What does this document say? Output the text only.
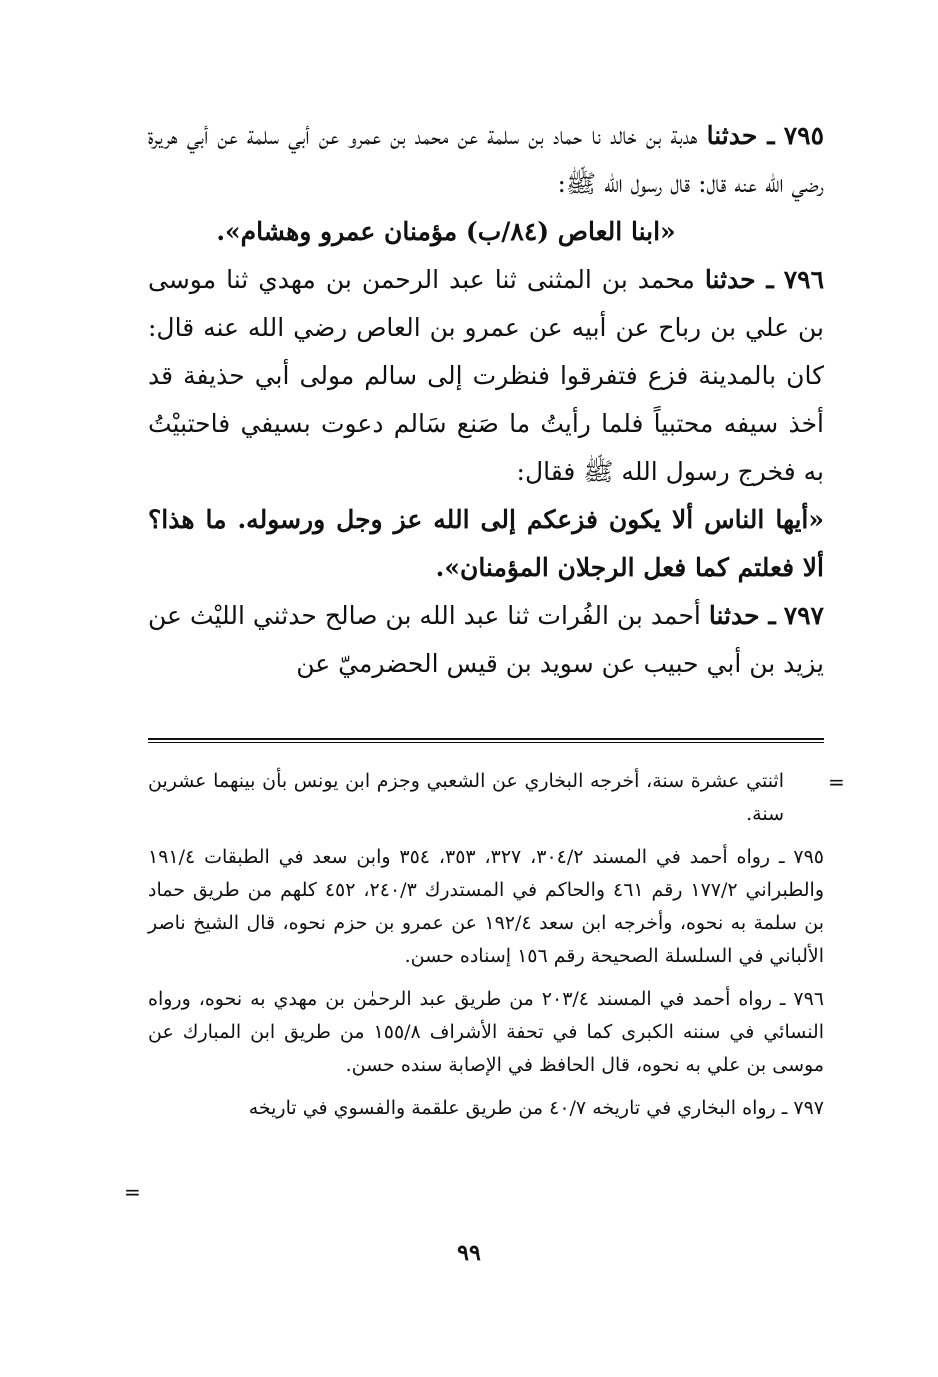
٧٩٥ ـ حدثنا هدبة بن خالد نا حماد بن سلمة عن محمد بن عمرو عن أبي سلمة عن أبي هريرة رضي الله عنه قال: قال رسول الله ﷺ:

«ابنا العاص (٨٤/ب) مؤمنان عمرو وهشام».

٧٩٦ ـ حدثنا محمد بن المثنى ثنا عبد الرحمن بن مهدي ثنا موسى بن علي بن رباح عن أبيه عن عمرو بن العاص رضي الله عنه قال: كان بالمدينة فزع فتفرقوا فنظرت إلى سالم مولى أبي حذيفة قد أخذ سيفه محتبياً فلما رأيتُ ما صَنع سَالم دعوت بسيفي فاحتبيْتُ به فخرج رسول الله ﷺ فقال:

«أيها الناس ألا يكون فزعكم إلى الله عز وجل ورسوله. ما هذا؟ ألا فعلتم كما فعل الرجلان المؤمنان».

٧٩٧ ـ حدثنا أحمد بن الفُرات ثنا عبد الله بن صالح حدثني الليْث عن يزيد بن أبي حبيب عن سويد بن قيس الحضرميّ عن

اثنتي عشرة سنة، أخرجه البخاري عن الشعبي وجزم ابن يونس بأن بينهما عشرين سنة.

٧٩٥ ـ رواه أحمد في المسند ٣٠٤/٢، ٣٢٧، ٣٥٣، ٣٥٤ وابن سعد في الطبقات ١٩١/٤ والطبراني ١٧٧/٢ رقم ٤٦١ والحاكم في المستدرك ٢٤٠/٣، ٤٥٢ كلهم من طريق حماد بن سلمة به نحوه، وأخرجه ابن سعد ١٩٢/٤ عن عمرو بن حزم نحوه، قال الشيخ ناصر الألباني في السلسلة الصحيحة رقم ١٥٦ إسناده حسن.

٧٩٦ ـ رواه أحمد في المسند ٢٠٣/٤ من طريق عبد الرحمٰن بن مهدي به نحوه، ورواه النسائي في سننه الكبرى كما في تحفة الأشراف ١٥٥/٨ من طريق ابن المبارك عن موسى بن علي به نحوه، قال الحافظ في الإصابة سنده حسن.

٧٩٧ ـ رواه البخاري في تاريخه ٤٠/٧ من طريق علقمة والفسوي في تاريخه

=
=
٩٩
